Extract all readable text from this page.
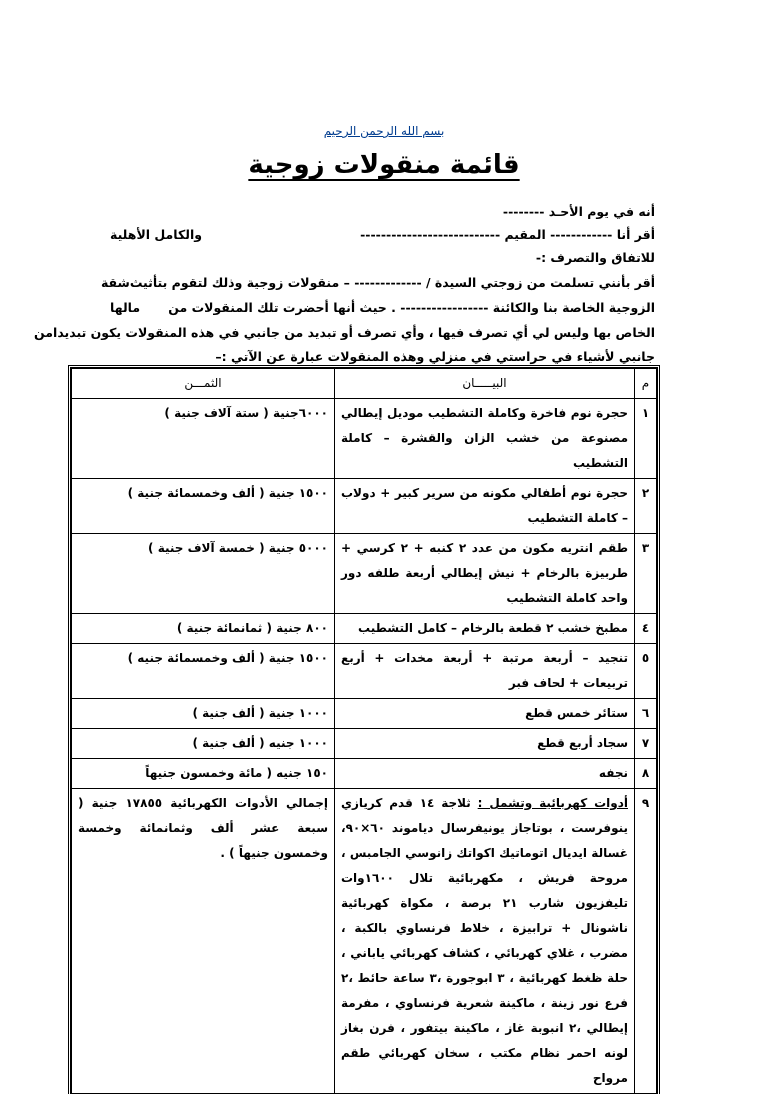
بسم الله الرحمن الرحيم
قائمة منقولات زوجية
أنه في يوم الأحـد --------
أقر أنا ------------ المقيم ---------------------------
والكامل الأهلية
للاتفاق والتصرف :-
أقر بأنني تسلمت من زوجتي السيدة / ------------- – منقولات زوجية وذلك لتقوم بتأثيث
شقة
الزوجية الخاصة بنا والكائنة ----------------- . حيث أنها أحضرت تلك المنقولات من
مالها
الخاص بها وليس لي أي تصرف فيها ، وأي تصرف أو تبديد من جانبي في هذه المنقولات يكون تبديدا
من
جانبي لأشياء في حراستي في منزلي وهذه المنقولات عبارة عن الآتي :–
م	البيـــــان	الثمـــن
١	حجرة نوم فاخرة وكاملة التشطيب موديل إيطالي مصنوعة من خشب الزان والقشرة – كاملة التشطيب	٦٠٠٠جنية ( ستة آلاف جنية )
٢	حجرة نوم أطفالي مكونه من سرير كبير + دولاب – كاملة التشطيب	١٥٠٠ جنية ( ألف وخمسمائة جنية )
٣	طقم انتريه مكون من عدد ٢ كنبه + ٢ كرسي + طربيزة بالرخام + نيش إيطالي أربعة طلفه دور واحد كاملة التشطيب	٥٠٠٠ جنية ( خمسة آلاف جنية )
٤	مطبخ خشب ٢ قطعة بالرخام – كامل التشطيب	٨٠٠ جنية ( ثمانمائة جنية )
٥	تنجيد – أربعة مرتبة + أربعة مخدات + أربع تربيعات + لحاف فبر	١٥٠٠ جنية ( ألف وخمسمائة جنيه )
٦	ستائر خمس قطع	١٠٠٠ جنية ( ألف جنية )
٧	سجاد أربع قطع	١٠٠٠ جنيه ( ألف جنية )
٨	نجفه	١٥٠ جنيه ( مائة وخمسون جنيهاً
٩	أدوات كهربائية وتشمل : ثلاجة ١٤ قدم كريازي ينوفرست ، بوتاجاز يونيفرسال دياموند ٦٠×٩٠، غسالة ايديال اتوماتيك اكواتك زانوسي الجامبس ، مروحة فريش ، مكهربائية تلال ١٦٠٠وات تليفزيون شارب ٢١ برصة ، مكواة كهربائية ناشونال + ترابيزة ، خلاط فرنساوي بالكبة ، مضرب ، غلاي كهربائي ، كشاف كهربائي ياباني ، حلة ظغط كهربائية ، ٣ ابوجورة ،٣ ساعة حائط ،٢ فرع نور زينة ، ماكينة شعرية فرنساوي ، مفرمة إيطالي ،٢ انبوبة غاز ، ماكينة بيتفور ، فرن بغاز لونه احمر نظام مكتب ، سخان كهربائي طقم مرواح	إجمالي الأدوات الكهربائية ١٧٨٥٥ جنية ( سبعة عشر ألف وثمانمائة وخمسة وخمسون جنيهاً ) .
